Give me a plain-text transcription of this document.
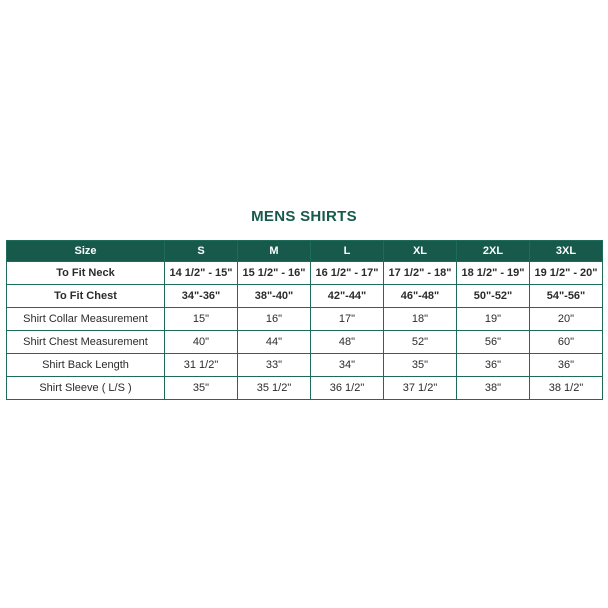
MENS SHIRTS
Size	S	M	L	XL	2XL	3XL
To Fit Neck	14 1/2" - 15"	15 1/2" - 16"	16 1/2" - 17"	17 1/2" - 18"	18 1/2" - 19"	19 1/2" - 20"
To Fit Chest	34"-36"	38"-40"	42"-44"	46"-48"	50"-52"	54"-56"
Shirt Collar Measurement	15"	16"	17"	18"	19"	20"
Shirt Chest Measurement	40"	44"	48"	52"	56"	60"
Shirt Back Length	31 1/2"	33"	34"	35"	36"	36"
Shirt Sleeve ( L/S )	35"	35 1/2"	36 1/2"	37 1/2"	38"	38 1/2"
